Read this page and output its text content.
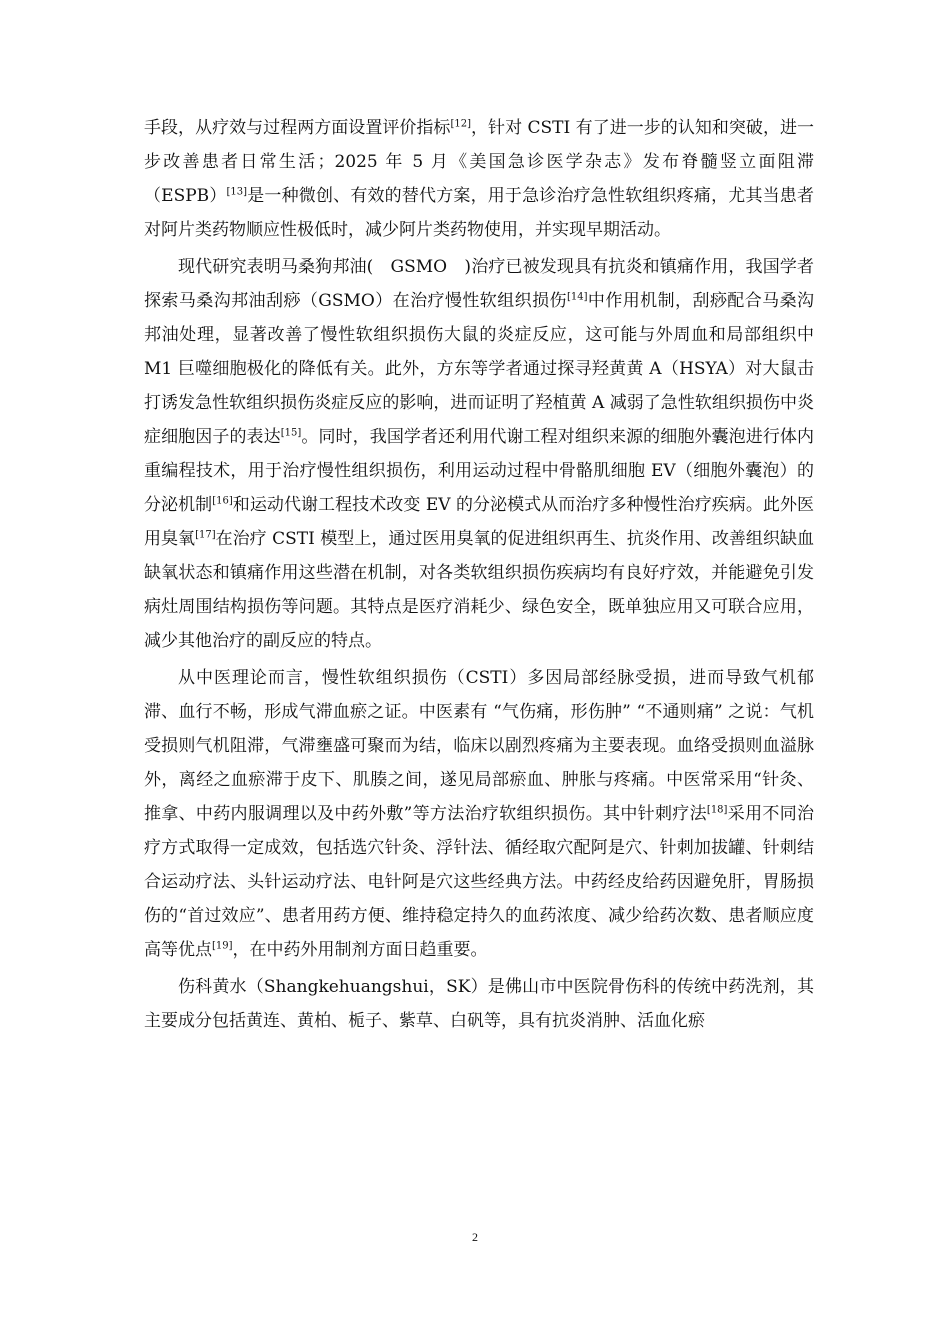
手段，从疗效与过程两方面设置评价指标[12]，针对 CSTI 有了进一步的认知和突破，进一步改善患者日常生活；2025 年 5 月《美国急诊医学杂志》发布脊髓竖立面阻滞（ESPB）[13]是一种微创、有效的替代方案，用于急诊治疗急性软组织疼痛，尤其当患者对阿片类药物顺应性极低时，减少阿片类药物使用，并实现早期活动。

现代研究表明马桑狗邦油(　GSMO　)治疗已被发现具有抗炎和镇痛作用，我国学者探索马桑沟邦油刮痧（GSMO）在治疗慢性软组织损伤[14]中作用机制，刮痧配合马桑沟邦油处理，显著改善了慢性软组织损伤大鼠的炎症反应，这可能与外周血和局部组织中 M1 巨噬细胞极化的降低有关。此外，方东等学者通过探寻羟黄黄 A（HSYA）对大鼠击打诱发急性软组织损伤炎症反应的影响，进而证明了羟植黄 A 减弱了急性软组织损伤中炎症细胞因子的表达[15]。同时，我国学者还利用代谢工程对组织来源的细胞外囊泡进行体内重编程技术，用于治疗慢性组织损伤，利用运动过程中骨骼肌细胞 EV（细胞外囊泡）的分泌机制[16]和运动代谢工程技术改变 EV 的分泌模式从而治疗多种慢性治疗疾病。此外医用臭氧[17]在治疗 CSTI 模型上，通过医用臭氧的促进组织再生、抗炎作用、改善组织缺血缺氧状态和镇痛作用这些潜在机制，对各类软组织损伤疾病均有良好疗效，并能避免引发病灶周围结构损伤等问题。其特点是医疗消耗少、绿色安全，既单独应用又可联合应用，减少其他治疗的副反应的特点。

从中医理论而言，慢性软组织损伤（CSTI）多因局部经脉受损，进而导致气机郁滞、血行不畅，形成气滞血瘀之证。中医素有 “气伤痛，形伤肿” “不通则痛” 之说：气机受损则气机阻滞，气滞壅盛可聚而为结，临床以剧烈疼痛为主要表现。血络受损则血溢脉外，离经之血瘀滞于皮下、肌腠之间，遂见局部瘀血、肿胀与疼痛。中医常采用“针灸、推拿、中药内服调理以及中药外敷”等方法治疗软组织损伤。其中针刺疗法[18]采用不同治疗方式取得一定成效，包括选穴针灸、浮针法、循经取穴配阿是穴、针刺加拔罐、针刺结合运动疗法、头针运动疗法、电针阿是穴这些经典方法。中药经皮给药因避免肝，胃肠损伤的“首过效应”、患者用药方便、维持稳定持久的血药浓度、减少给药次数、患者顺应度高等优点[19]，在中药外用制剂方面日趋重要。

伤科黄水（Shangkehuangshui，SK）是佛山市中医院骨伤科的传统中药洗剂，其主要成分包括黄连、黄柏、栀子、紫草、白矾等，具有抗炎消肿、活血化瘀

2
